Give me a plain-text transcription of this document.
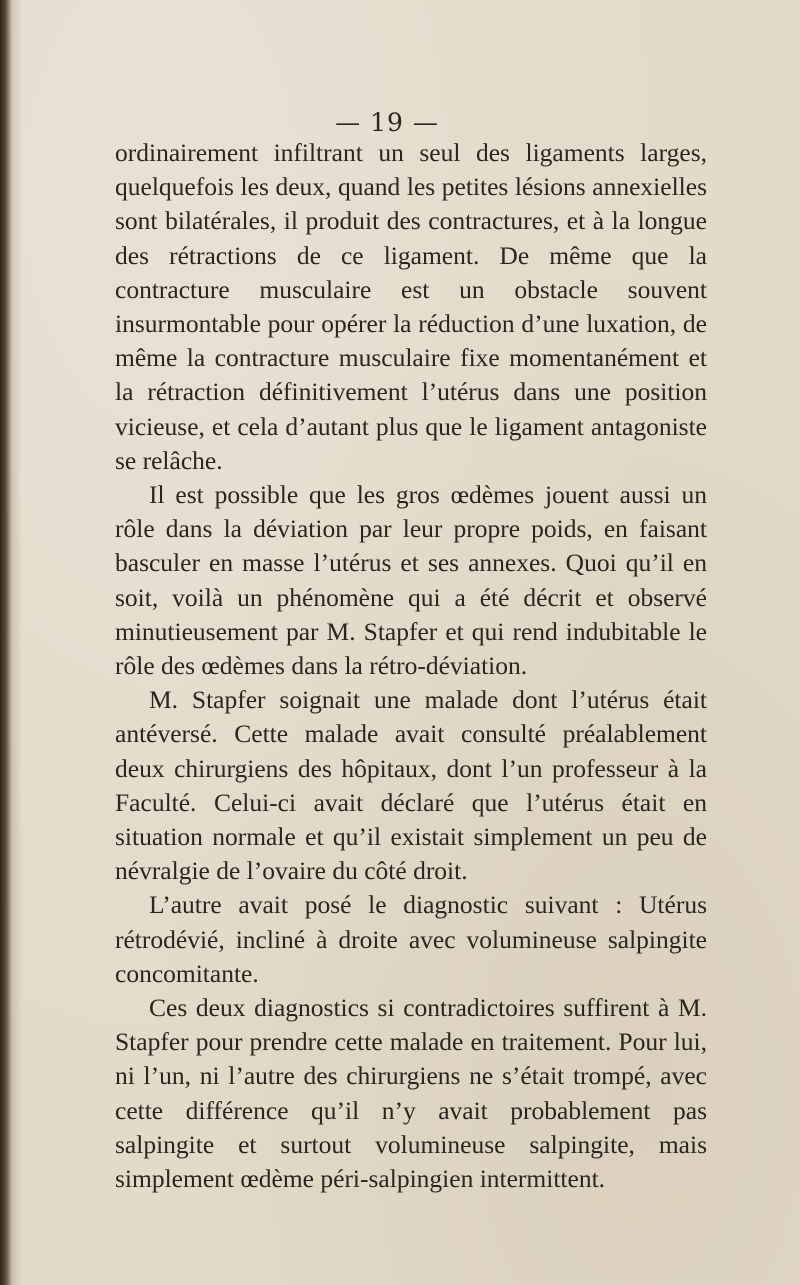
— 19 —

ordinairement infiltrant un seul des ligaments larges, quelquefois les deux, quand les petites lésions annexielles sont bilatérales, il produit des contractures, et à la longue des rétractions de ce ligament. De même que la contracture musculaire est un obstacle souvent insurmontable pour opérer la réduction d’une luxation, de même la contracture musculaire fixe momentanément et la rétraction définitivement l’utérus dans une position vicieuse, et cela d’autant plus que le ligament antagoniste se relâche.

Il est possible que les gros œdèmes jouent aussi un rôle dans la déviation par leur propre poids, en faisant basculer en masse l’utérus et ses annexes. Quoi qu’il en soit, voilà un phénomène qui a été décrit et observé minutieusement par M. Stapfer et qui rend indubitable le rôle des œdèmes dans la rétro-déviation.

M. Stapfer soignait une malade dont l’utérus était antéversé. Cette malade avait consulté préalablement deux chirurgiens des hôpitaux, dont l’un professeur à la Faculté. Celui-ci avait déclaré que l’utérus était en situation normale et qu’il existait simplement un peu de névralgie de l’ovaire du côté droit.

L’autre avait posé le diagnostic suivant : Utérus rétrodévié, incliné à droite avec volumineuse salpingite concomitante.

Ces deux diagnostics si contradictoires suffirent à M. Stapfer pour prendre cette malade en traitement. Pour lui, ni l’un, ni l’autre des chirurgiens ne s’était trompé, avec cette différence qu’il n’y avait probablement pas salpingite et surtout volumineuse salpingite, mais simplement œdème péri-salpingien intermittent.
